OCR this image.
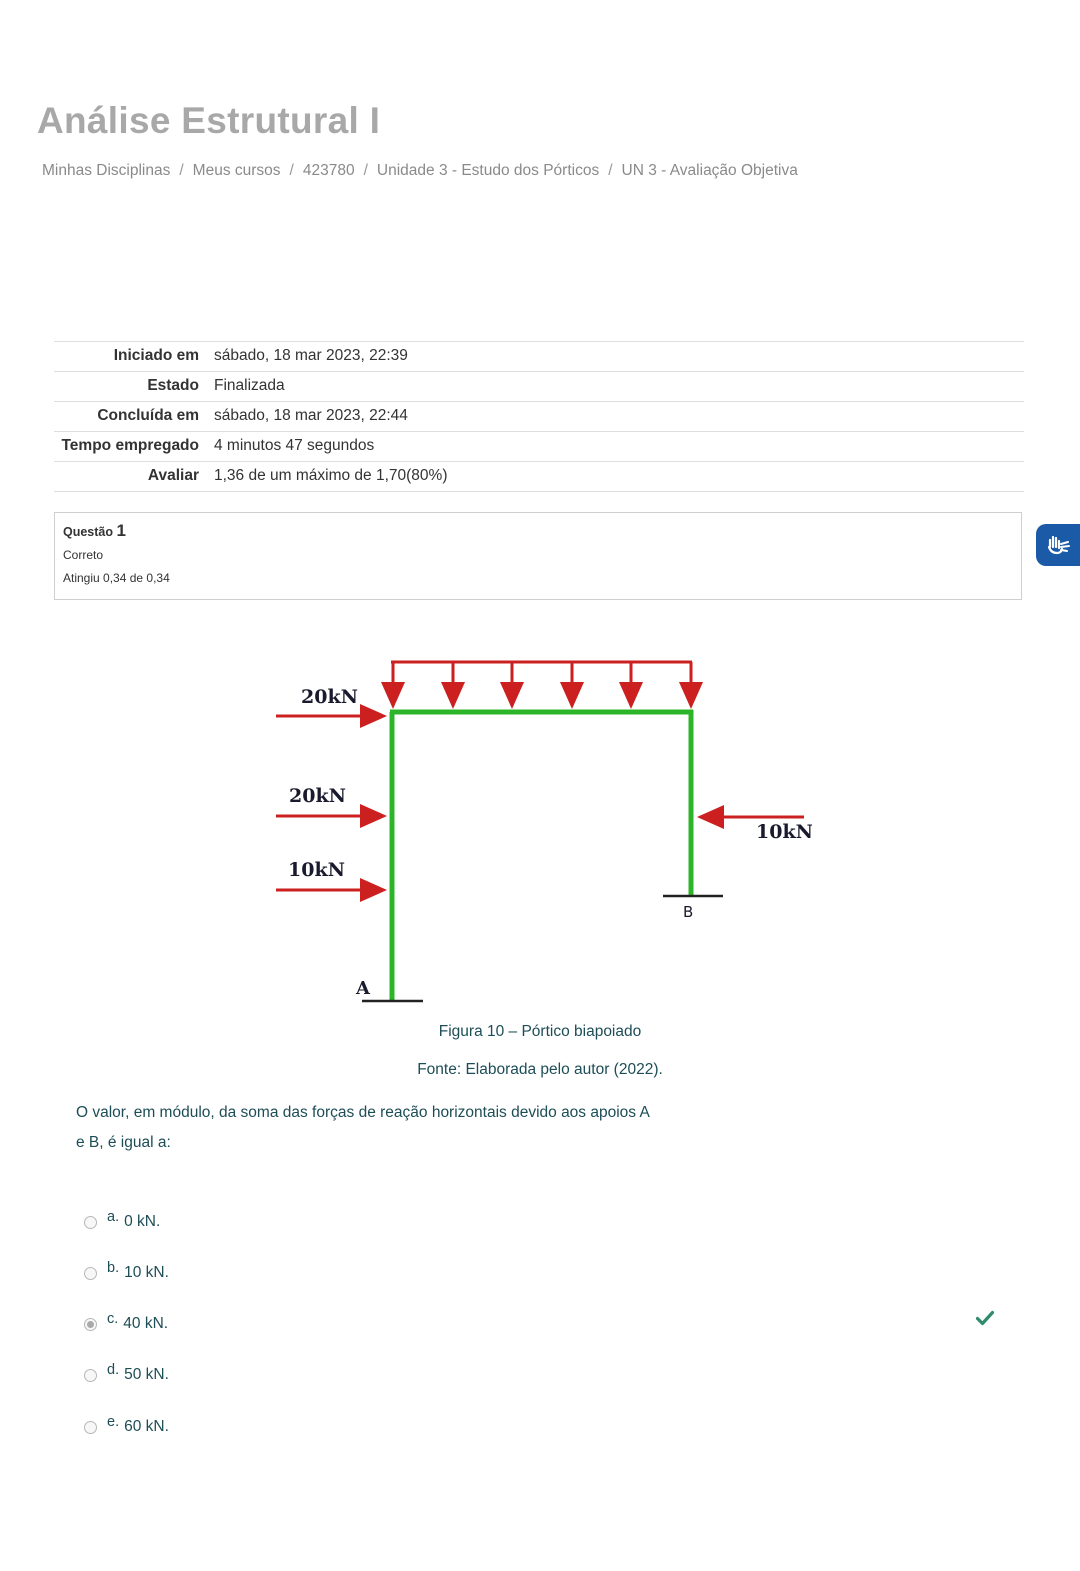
Análise Estrutural I
Minhas Disciplinas / Meus cursos / 423780 / Unidade 3 - Estudo dos Pórticos / UN 3 - Avaliação Objetiva
Iniciado em	sábado, 18 mar 2023, 22:39
Estado	Finalizada
Concluída em	sábado, 18 mar 2023, 22:44
Tempo empregado	4 minutos 47 segundos
Avaliar	1,36 de um máximo de 1,70(80%)
Questão 1
Correto
Atingiu 0,34 de 0,34
20kN
20kN
10kN
10kN
A
B
Figura 10 – Pórtico biapoiado
Fonte: Elaborada pelo autor (2022).
O valor, em módulo, da soma das forças de reação horizontais devido aos apoios A e B, é igual a:
a. 0 kN.
b. 10 kN.
c. 40 kN.
d. 50 kN.
e. 60 kN.
